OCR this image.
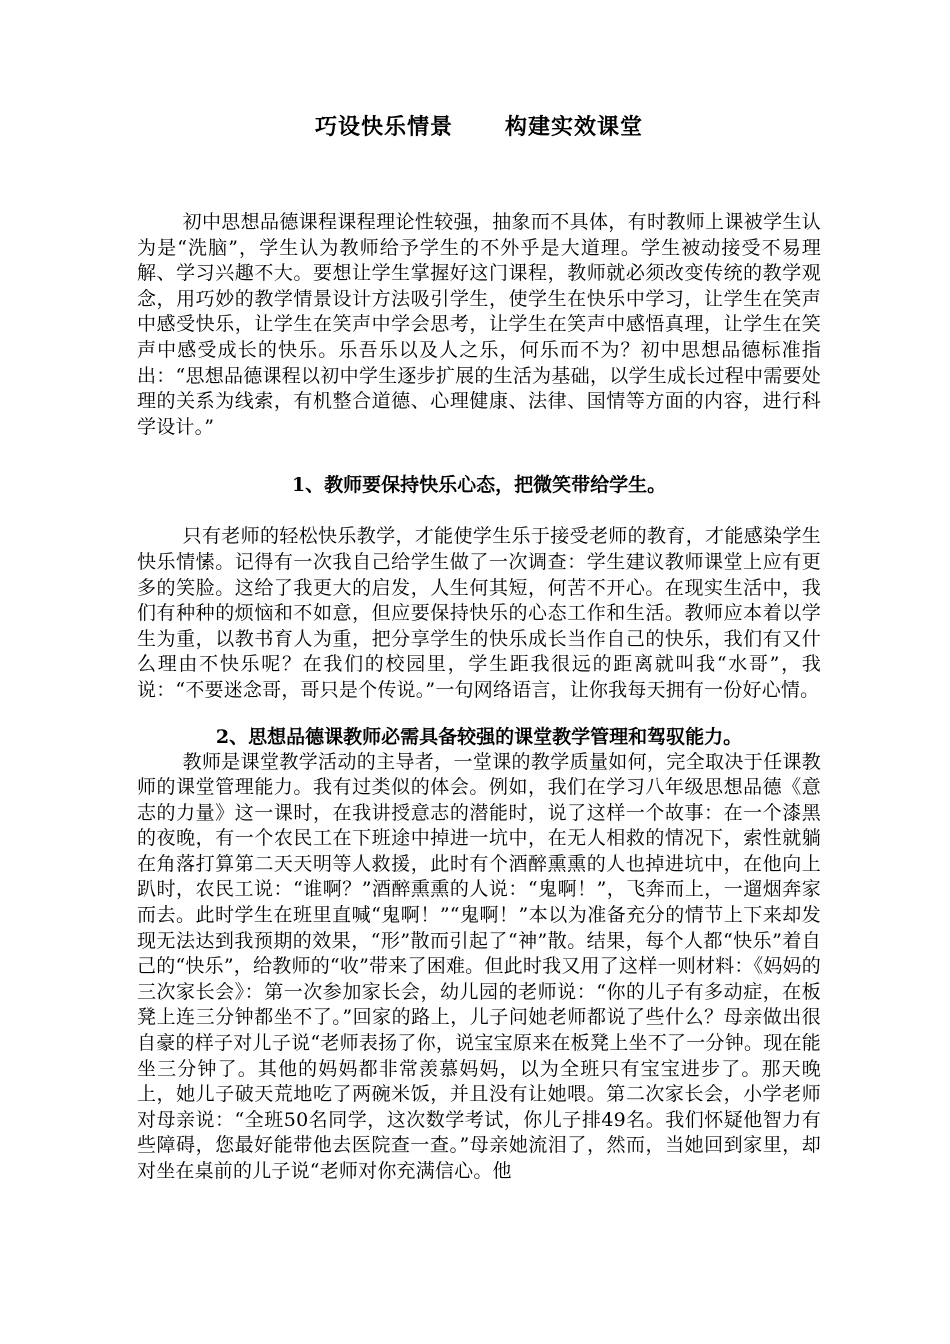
巧设快乐情景      构建实效课堂

初中思想品德课程课程理论性较强，抽象而不具体，有时教师上课被学生认为是“洗脑”，学生认为教师给予学生的不外乎是大道理。学生被动接受不易理解、学习兴趣不大。要想让学生掌握好这门课程，教师就必须改变传统的教学观念，用巧妙的教学情景设计方法吸引学生，使学生在快乐中学习，让学生在笑声中感受快乐，让学生在笑声中学会思考，让学生在笑声中感悟真理，让学生在笑声中感受成长的快乐。乐吾乐以及人之乐，何乐而不为？初中思想品德标准指出：“思想品德课程以初中学生逐步扩展的生活为基础，以学生成长过程中需要处理的关系为线索，有机整合道德、心理健康、法律、国情等方面的内容，进行科学设计。”

1、教师要保持快乐心态，把微笑带给学生。

只有老师的轻松快乐教学，才能使学生乐于接受老师的教育，才能感染学生快乐情愫。记得有一次我自己给学生做了一次调查：学生建议教师课堂上应有更多的笑脸。这给了我更大的启发，人生何其短，何苦不开心。在现实生活中，我们有种种的烦恼和不如意，但应要保持快乐的心态工作和生活。教师应本着以学生为重，以教书育人为重，把分享学生的快乐成长当作自己的快乐，我们有又什么理由不快乐呢？在我们的校园里，学生距我很远的距离就叫我“水哥”，我说：“不要迷念哥，哥只是个传说。”一句网络语言，让你我每天拥有一份好心情。

2、思想品德课教师必需具备较强的课堂教学管理和驾驭能力。

教师是课堂教学活动的主导者，一堂课的教学质量如何，完全取决于任课教师的课堂管理能力。我有过类似的体会。例如，我们在学习八年级思想品德《意志的力量》这一课时，在我讲授意志的潜能时，说了这样一个故事：在一个漆黑的夜晚，有一个农民工在下班途中掉进一坑中，在无人相救的情况下，索性就躺在角落打算第二天天明等人救援，此时有个酒醉熏熏的人也掉进坑中，在他向上趴时，农民工说：“谁啊？”酒醉熏熏的人说：“鬼啊！”，飞奔而上，一遛烟奔家而去。此时学生在班里直喊“鬼啊！”“鬼啊！”本以为准备充分的情节上下来却发现无法达到我预期的效果，“形”散而引起了“神”散。结果，每个人都“快乐”着自己的“快乐”，给教师的“收”带来了困难。但此时我又用了这样一则材料：《妈妈的三次家长会》：第一次参加家长会，幼儿园的老师说：“你的儿子有多动症，在板凳上连三分钟都坐不了。”回家的路上，儿子问她老师都说了些什么？母亲做出很自豪的样子对儿子说“老师表扬了你，说宝宝原来在板凳上坐不了一分钟。现在能坐三分钟了。其他的妈妈都非常羡慕妈妈，以为全班只有宝宝进步了。那天晚上，她儿子破天荒地吃了两碗米饭，并且没有让她喂。第二次家长会，小学老师对母亲说：“全班50名同学，这次数学考试，你儿子排49名。我们怀疑他智力有些障碍，您最好能带他去医院查一查。”母亲她流泪了，然而，当她回到家里，却对坐在桌前的儿子说“老师对你充满信心。他
